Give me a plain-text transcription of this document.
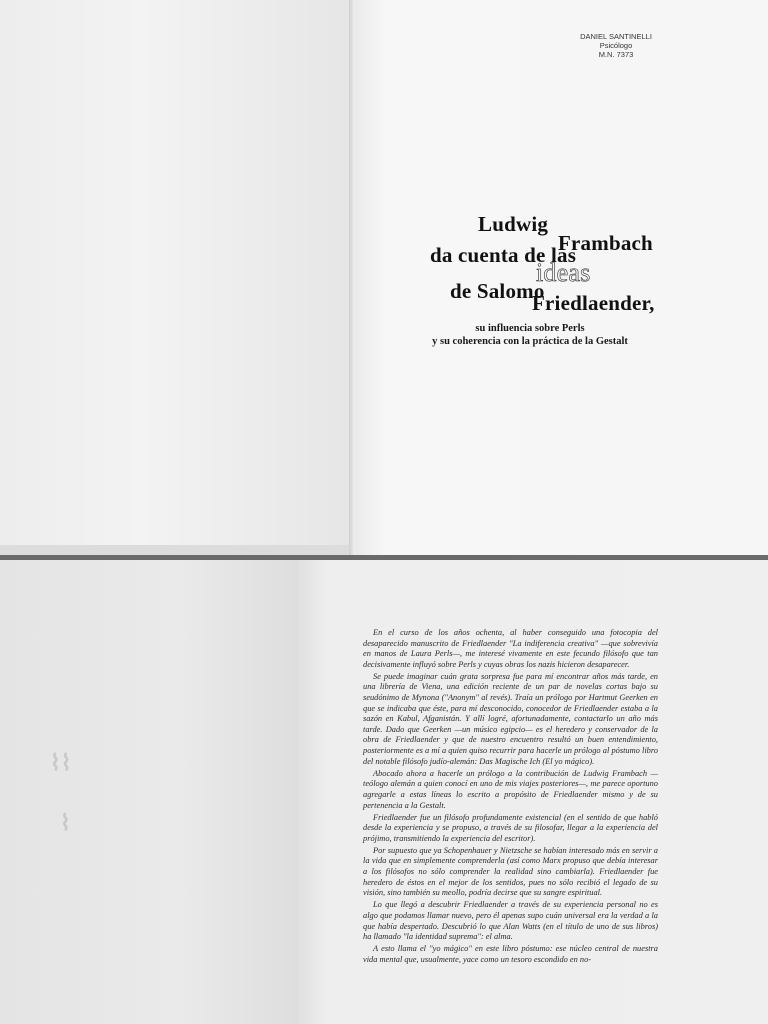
⌇⌇
⌇
DANIEL SANTINELLI
Psicólogo
M.N. 7373
Ludwig
Frambach
da cuenta de las
ideas
de Salomo
Friedlaender,
su influencia sobre Perls
y su coherencia con la práctica de la Gestalt

En el curso de los años ochenta, al haber conseguido una fotocopia del desaparecido manuscrito de Friedlaender "La indiferencia creativa" —que sobrevivía en manos de Laura Perls—, me interesé vivamente en este fecundo filósofo que tan decisivamente influyó sobre Perls y cuyas obras los nazis hicieron desaparecer.

Se puede imaginar cuán grata sorpresa fue para mí encontrar años más tarde, en una librería de Viena, una edición reciente de un par de novelas cortas bajo su seudónimo de Mynona ("Anonym" al revés). Traía un prólogo por Hartmut Geerken en que se indicaba que éste, para mí desconocido, conocedor de Friedlaender estaba a la sazón en Kabul, Afganistán. Y allí logré, afortunadamente, contactarlo un año más tarde. Dado que Geerken —un músico egipcio— es el heredero y conservador de la obra de Friedlaender y que de nuestro encuentro resultó un buen entendimiento, posteriormente es a mí a quien quiso recurrir para hacerle un prólogo al póstumo libro del notable filósofo judío-alemán: Das Magische Ich (El yo mágico).

Abocado ahora a hacerle un prólogo a la contribución de Ludwig Frambach —teólogo alemán a quien conocí en uno de mis viajes posteriores—, me parece oportuno agregarle a estas líneas lo escrito a propósito de Friedlaender mismo y de su pertenencia a la Gestalt.

Friedlaender fue un filósofo profundamente existencial (en el sentido de que habló desde la experiencia y se propuso, a través de su filosofar, llegar a la experiencia del prójimo, transmitiendo la experiencia del escritor).

Por supuesto que ya Schopenhauer y Nietzsche se habían interesado más en servir a la vida que en simplemente comprenderla (así como Marx propuso que debía interesar a los filósofos no sólo comprender la realidad sino cambiarla). Friedlaender fue heredero de éstos en el mejor de los sentidos, pues no sólo recibió el legado de su visión, sino también su meollo, podría decirse que su sangre espiritual.

Lo que llegó a descubrir Friedlaender a través de su experiencia personal no es algo que podamos llamar nuevo, pero él apenas supo cuán universal era la verdad a la que había despertado. Descubrió lo que Alan Watts (en el título de uno de sus libros) ha llamado "la identidad suprema": el alma.

A esto llama el "yo mágico" en este libro póstumo: ese núcleo central de nuestra vida mental que, usualmente, yace como un tesoro escondido en no-
